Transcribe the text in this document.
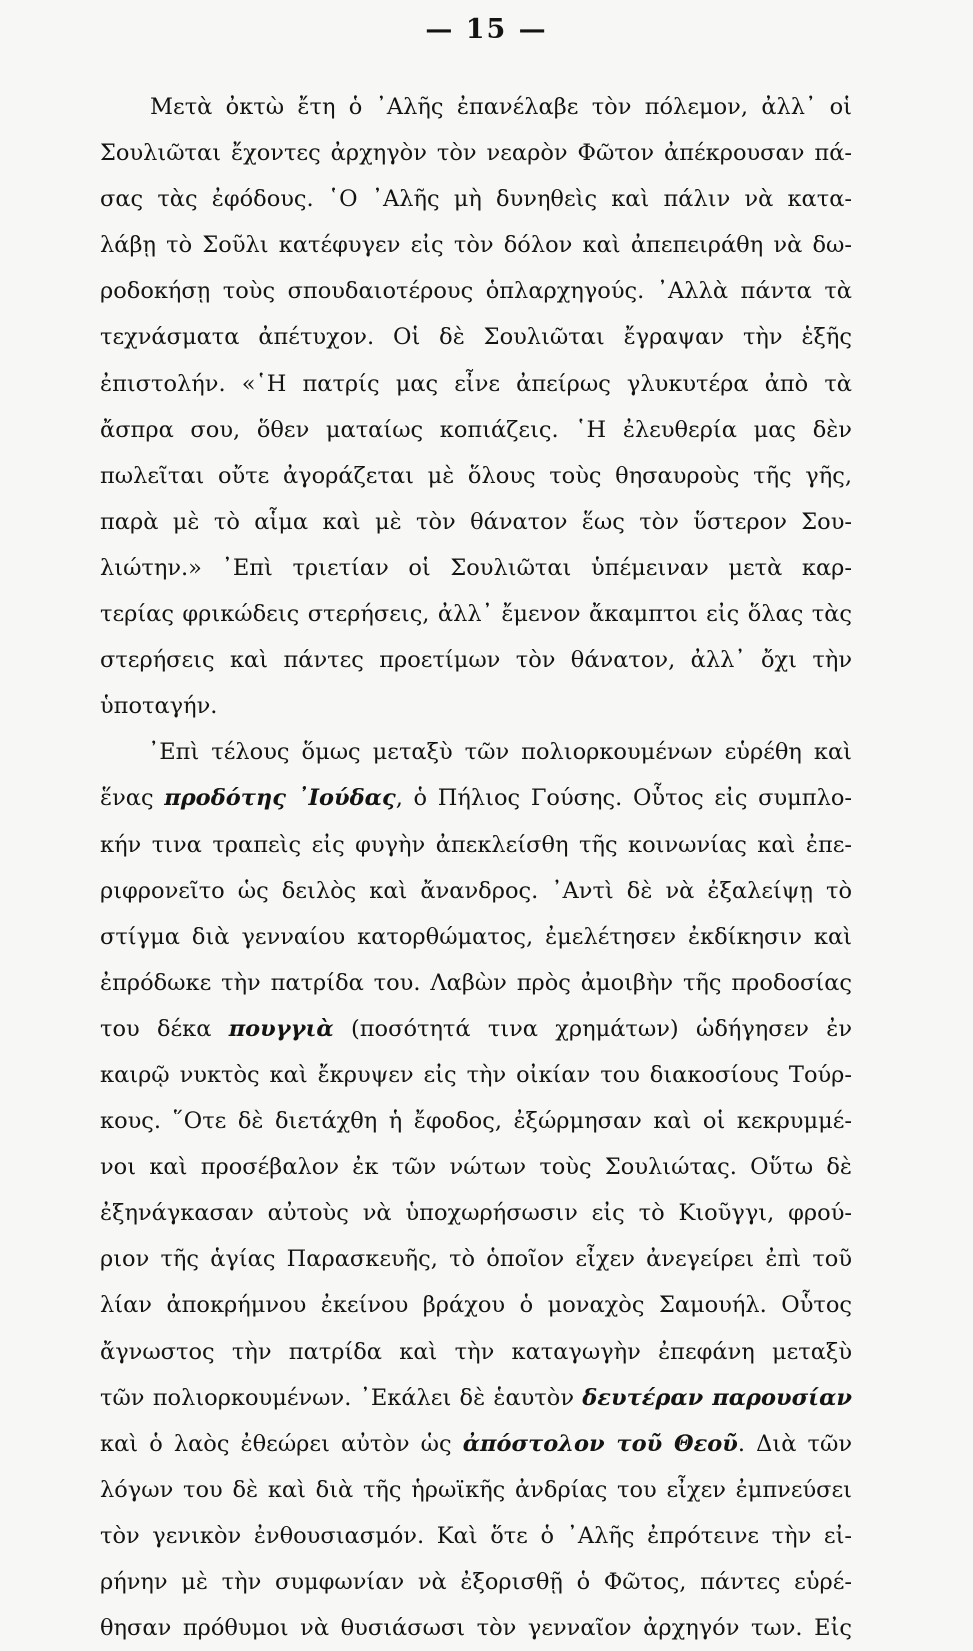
— 15 —
Μετὰ ὀκτὼ ἔτη ὁ ᾽Αλῆς ἐπανέλαβε τὸν πόλεμον, ἀλλ᾽ οἱ
Σουλιῶται ἔχοντες ἀρχηγὸν τὸν νεαρὸν Φῶτον ἀπέκρουσαν πά-
σας τὰς ἐφόδους. ῾Ο ᾽Αλῆς μὴ δυνηθεὶς καὶ πάλιν νὰ κατα-
λάβῃ τὸ Σοῦλι κατέφυγεν εἰς τὸν δόλον καὶ ἀπεπειράθη νὰ δω-
ροδοκήσῃ τοὺς σπουδαιοτέρους ὁπλαρχηγούς. ᾽Αλλὰ πάντα τὰ
τεχνάσματα ἀπέτυχον. Οἱ δὲ Σουλιῶται ἔγραψαν τὴν ἑξῆς
ἐπιστολήν. «῾Η πατρίς μας εἶνε ἀπείρως γλυκυτέρα ἀπὸ τὰ
ἄσπρα σου, ὅθεν ματαίως κοπιάζεις. ῾Η ἐλευθερία μας δὲν
πωλεῖται οὔτε ἀγοράζεται μὲ ὅλους τοὺς θησαυροὺς τῆς γῆς,
παρὰ μὲ τὸ αἷμα καὶ μὲ τὸν θάνατον ἕως τὸν ὕστερον Σου-
λιώτην.» ᾽Επὶ τριετίαν οἱ Σουλιῶται ὑπέμειναν μετὰ καρ-
τερίας φρικώδεις στερήσεις, ἀλλ᾽ ἔμενον ἄκαμπτοι εἰς ὅλας τὰς
στερήσεις καὶ πάντες προετίμων τὸν θάνατον, ἀλλ᾽ ὄχι τὴν
ὑποταγήν.
᾽Επὶ τέλους ὅμως μεταξὺ τῶν πολιορκουμένων εὑρέθη καὶ
ἕνας προδότης ᾽Ιούδας, ὁ Πήλιος Γούσης. Οὗτος εἰς συμπλο-
κήν τινα τραπεὶς εἰς φυγὴν ἀπεκλείσθη τῆς κοινωνίας καὶ ἐπε-
ριφρονεῖτο ὡς δειλὸς καὶ ἄνανδρος. ᾽Αντὶ δὲ νὰ ἐξαλείψῃ τὸ
στίγμα διὰ γενναίου κατορθώματος, ἐμελέτησεν ἐκδίκησιν καὶ
ἐπρόδωκε τὴν πατρίδα του. Λαβὼν πρὸς ἀμοιβὴν τῆς προδοσίας
του δέκα πουγγιὰ (ποσότητά τινα χρημάτων) ὡδήγησεν ἐν
καιρῷ νυκτὸς καὶ ἔκρυψεν εἰς τὴν οἰκίαν του διακοσίους Τούρ-
κους. ῞Οτε δὲ διετάχθη ἡ ἔφοδος, ἐξώρμησαν καὶ οἱ κεκρυμμέ-
νοι καὶ προσέβαλον ἐκ τῶν νώτων τοὺς Σουλιώτας. Οὕτω δὲ
ἐξηνάγκασαν αὐτοὺς νὰ ὑποχωρήσωσιν εἰς τὸ Κιοῦγγι, φρού-
ριον τῆς ἁγίας Παρασκευῆς, τὸ ὁποῖον εἶχεν ἀνεγείρει ἐπὶ τοῦ
λίαν ἀποκρήμνου ἐκείνου βράχου ὁ μοναχὸς Σαμουήλ. Οὗτος
ἄγνωστος τὴν πατρίδα καὶ τὴν καταγωγὴν ἐπεφάνη μεταξὺ
τῶν πολιορκουμένων. ᾽Εκάλει δὲ ἑαυτὸν δευτέραν παρουσίαν
καὶ ὁ λαὸς ἐθεώρει αὐτὸν ὡς ἀπόστολον τοῦ Θεοῦ. Διὰ τῶν
λόγων του δὲ καὶ διὰ τῆς ἡρωϊκῆς ἀνδρίας του εἶχεν ἐμπνεύσει
τὸν γενικὸν ἐνθουσιασμόν. Καὶ ὅτε ὁ ᾽Αλῆς ἐπρότεινε τὴν εἰ-
ρήνην μὲ τὴν συμφωνίαν νὰ ἐξορισθῇ ὁ Φῶτος, πάντες εὑρέ-
θησαν πρόθυμοι νὰ θυσιάσωσι τὸν γενναῖον ἀρχηγόν των. Εἰς
